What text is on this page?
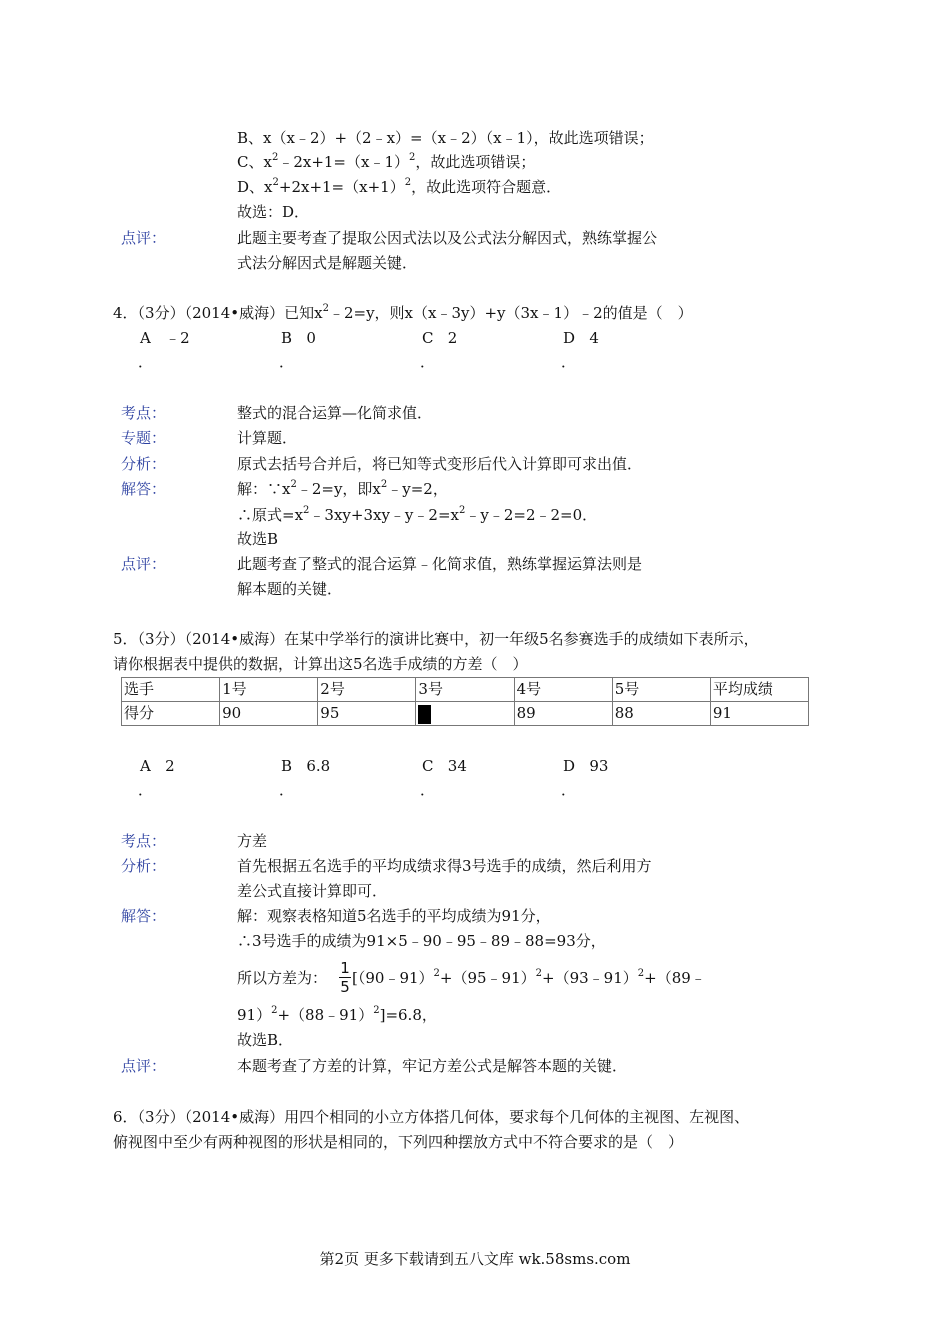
B、x（x﹣2）+（2﹣x）=（x﹣2）（x﹣1），故此选项错误；
C、$x^2﹣2x+1=(x﹣1)^2$，故此选项错误；
D、$x^2+2x+1=(x+1)^2$，故此选项符合题意．
故选：D．
点评：	此题主要考查了提取公因式法以及公式法分解因式，熟练掌握公
式法分解因式是解题关键．
4．（3分）（2014•威海）已知$x^2﹣2=y$，则x（x﹣3y）+y（3x﹣1）﹣2的值是（　）
A ﹣2	B 0	C 2	D 4
．	．	．	．
考点：	整式的混合运算—化简求值．
专题：	计算题．
分析：	原式去括号合并后，将已知等式变形后代入计算即可求出值．
解答：	解：$\because x^2﹣2=y$，即$x^2﹣y=2$，
∴原式$=x^2﹣3xy+3xy﹣y﹣2=x^2﹣y﹣2=2﹣2=0$．
故选B
点评：	此题考查了整式的混合运算﹣化简求值，熟练掌握运算法则是
解本题的关键．
5．（3分）（2014•威海）在某中学举行的演讲比赛中，初一年级5名参赛选手的成绩如下表所示，
请你根据表中提供的数据，计算出这5名选手成绩的方差（　）
选手	1号	2号	3号	4号	5号	平均成绩
得分	90	95		89	88	91
A 2	B 6.8	C 34	D 93
．	．	．	．
考点：	方差
分析：	首先根据五名选手的平均成绩求得3号选手的成绩，然后利用方
差公式直接计算即可．
解答：	解：观察表格知道5名选手的平均成绩为91分，
∴3号选手的成绩为91×5﹣90﹣95﹣89﹣88=93分，
所以方差为： $\frac{1}{5}$ [（90﹣91）$^2$+（95﹣91）$^2$+（93﹣91）$^2$+（89﹣
91）$^2$+（88﹣91）$^2$]=6.8，
故选B．
点评：	本题考查了方差的计算，牢记方差公式是解答本题的关键．
6．（3分）（2014•威海）用四个相同的小立方体搭几何体，要求每个几何体的主视图、左视图、
俯视图中至少有两种视图的形状是相同的，下列四种摆放方式中不符合要求的是（　）
第2页 更多下载请到五八文库 wk.58sms.com
